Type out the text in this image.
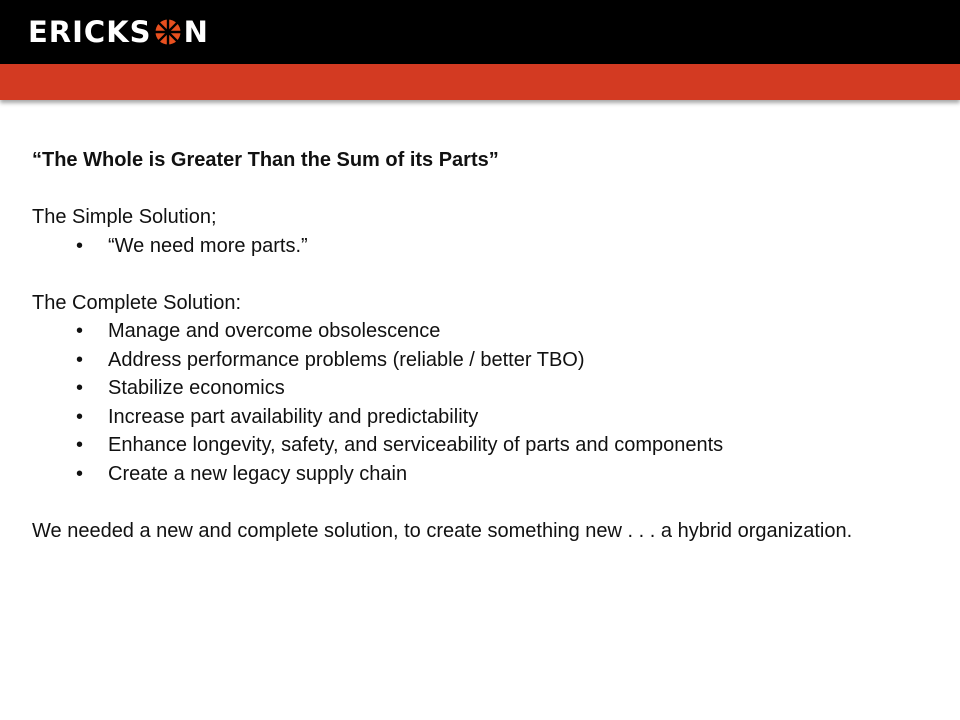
ERICKS N

“The Whole is Greater Than the Sum of its Parts”

The Simple Solution;

• “We need more parts.”

The Complete Solution:

• Manage and overcome obsolescence
• Address performance problems (reliable / better TBO)
• Stabilize economics
• Increase part availability and predictability
• Enhance longevity, safety, and serviceability of parts and components
• Create a new legacy supply chain

We needed a new and complete solution, to create something new . . . a hybrid organization.
